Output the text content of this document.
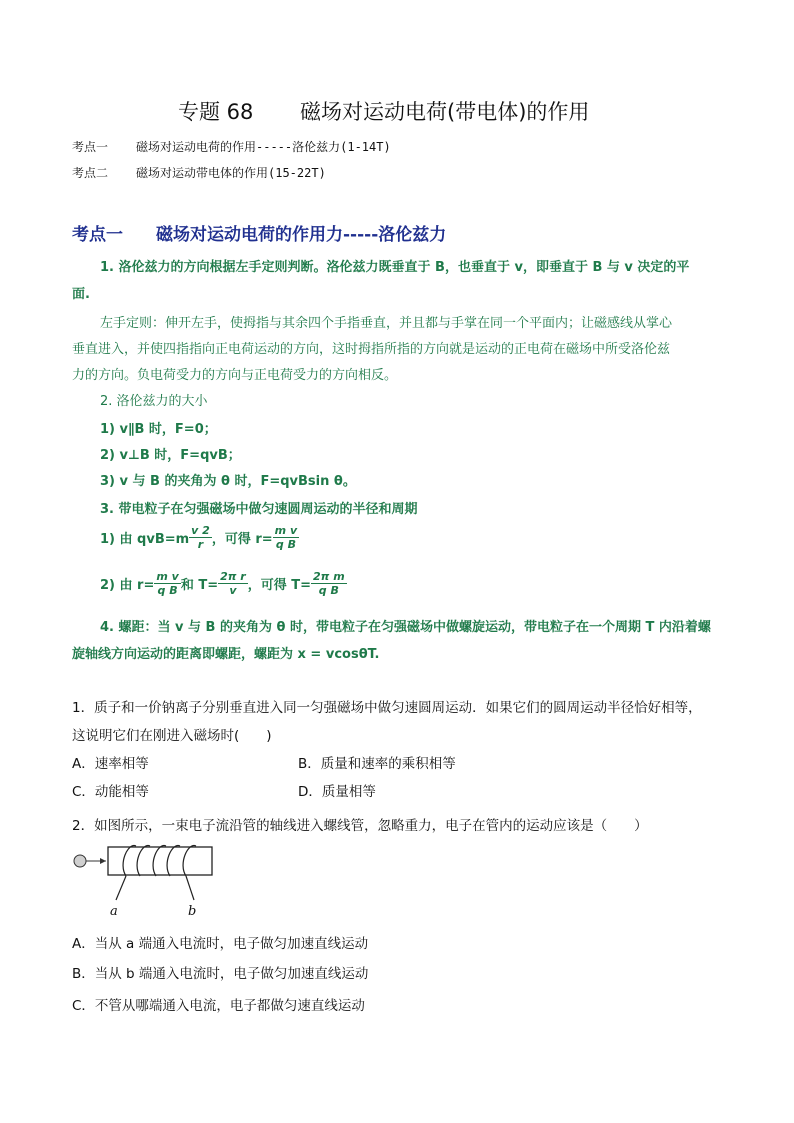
专题 68 磁场对运动电荷(带电体)的作用
考点一 磁场对运动电荷的作用-----洛伦兹力(1-14T)
考点二 磁场对运动带电体的作用(15-22T)
考点一 磁场对运动电荷的作用力-----洛伦兹力
1. 洛伦兹力的方向根据左手定则判断。洛伦兹力既垂直于 B，也垂直于 v，即垂直于 B 与 v 决定的平
面.
左手定则：伸开左手，使拇指与其余四个手指垂直，并且都与手掌在同一个平面内；让磁感线从掌心
垂直进入，并使四指指向正电荷运动的方向，这时拇指所指的方向就是运动的正电荷在磁场中所受洛伦兹
力的方向。负电荷受力的方向与正电荷受力的方向相反。
2. 洛伦兹力的大小
1) v∥B 时，F=0；
2) v⊥B 时，F=qvB；
3) v 与 B 的夹角为 θ 时，F=qvBsin θ。
3. 带电粒子在匀强磁场中做匀速圆周运动的半径和周期
1) 由 $qvB=m \frac{v 2}{r}$ ，可得 $r= \frac{\text{m v}}{\text{q B}}$
2) 由 $r= \frac{\text{m v}}{\text{q B}}$ 和 $T= \frac{\text{2π r}}{v}$ ，可得 $T= \frac{\text{2π m}}{\text{q B}}$
4. 螺距：当 v 与 B 的夹角为 θ 时，带电粒子在匀强磁场中做螺旋运动，带电粒子在一个周期 T 内沿着螺
旋轴线方向运动的距离即螺距，螺距为 x = vcosθT.
1．质子和一价钠离子分别垂直进入同一匀强磁场中做匀速圆周运动．如果它们的圆周运动半径恰好相等，
这说明它们在刚进入磁场时(　　)
A．速率相等	B．质量和速率的乘积相等
C．动能相等	D．质量相等
2．如图所示，一束电子流沿管的轴线进入螺线管，忽略重力，电子在管内的运动应该是（　　）
a	b
A．当从 a 端通入电流时，电子做匀加速直线运动
B．当从 b 端通入电流时，电子做匀加速直线运动
C．不管从哪端通入电流，电子都做匀速直线运动
